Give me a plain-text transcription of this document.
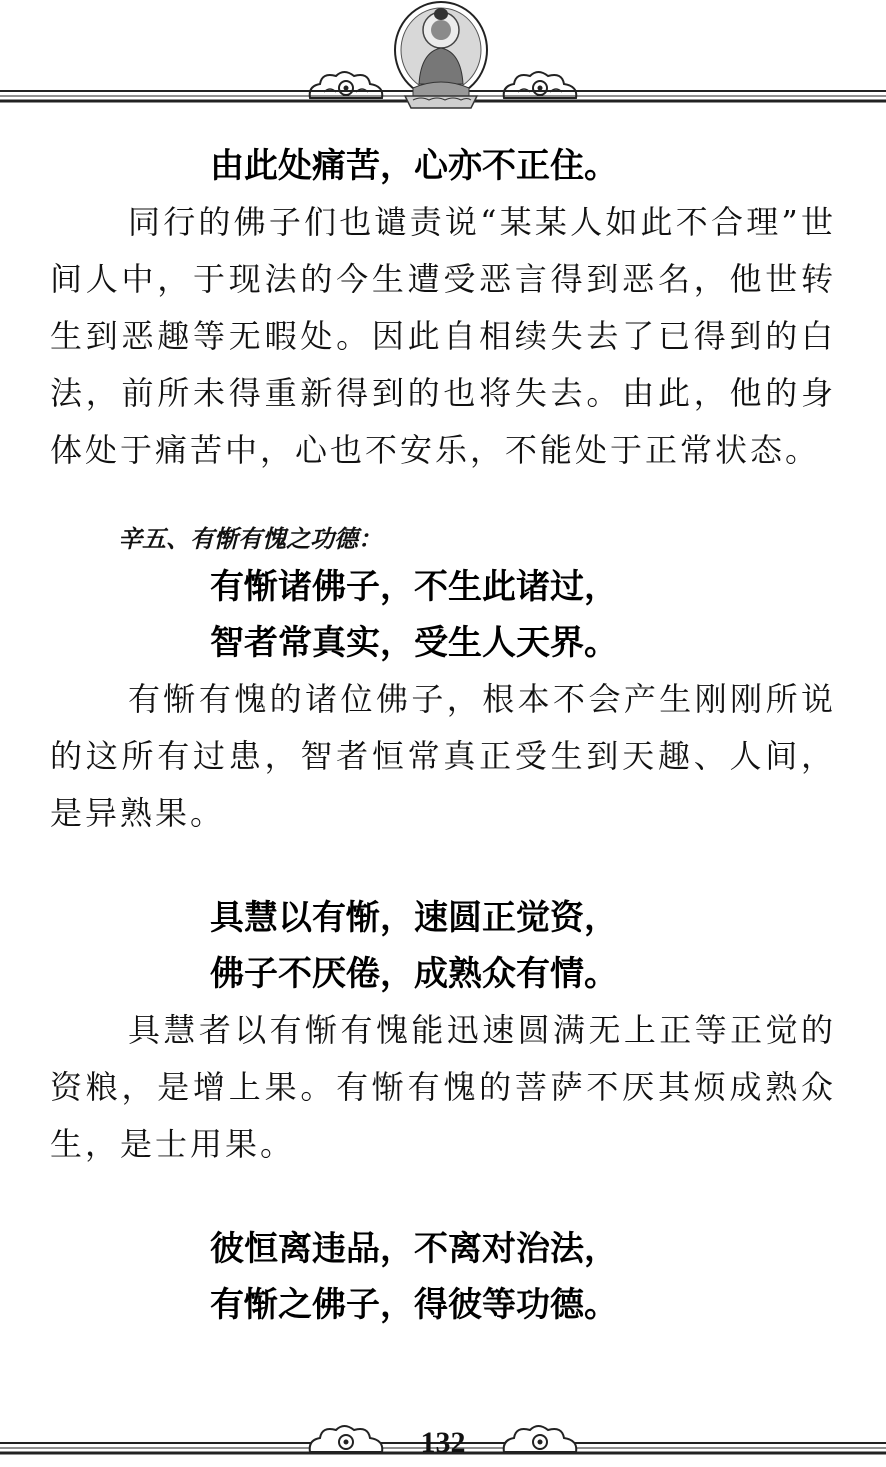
由此处痛苦，心亦不正住。

同行的佛子们也谴责说“某某人如此不合理”世间人中，于现法的今生遭受恶言得到恶名，他世转生到恶趣等无暇处。因此自相续失去了已得到的白法，前所未得重新得到的也将失去。由此，他的身体处于痛苦中，心也不安乐，不能处于正常状态。

辛五、有惭有愧之功德：

有惭诸佛子，不生此诸过，

智者常真实，受生人天界。

有惭有愧的诸位佛子，根本不会产生刚刚所说的这所有过患，智者恒常真正受生到天趣、人间，是异熟果。

具慧以有惭，速圆正觉资，

佛子不厌倦，成熟众有情。

具慧者以有惭有愧能迅速圆满无上正等正觉的资粮，是增上果。有惭有愧的菩萨不厌其烦成熟众生，是士用果。

彼恒离违品，不离对治法，

有惭之佛子，得彼等功德。

132
